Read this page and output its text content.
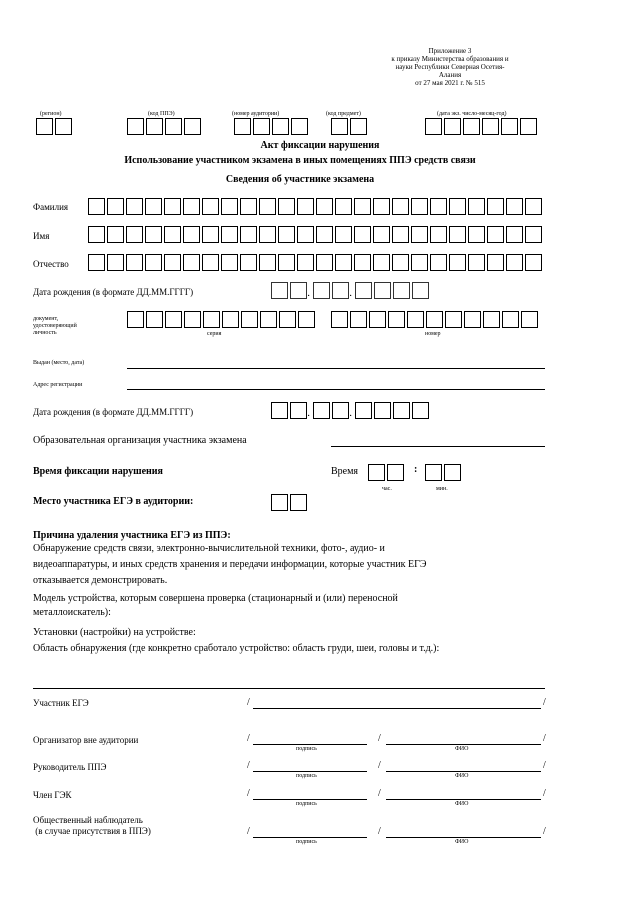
Приложение 3
к приказу Министерства образования и
науки Республики Северная Осетия-
Алания
от 27 мая 2021 г. № 515
(регион)	(код ППЭ)	(номер аудитории)	(код предмет)	(дата экз. число-месяц-год)
Акт фиксации нарушения
Использование участником экзамена в иных помещениях ППЭ средств связи
Сведения об участнике экзамена
Фамилия
Имя
Отчество
Дата рождения (в формате ДД.ММ.ГГГГ)
.
.
документ,
удостоверяющий
личность	серия	номер
Выдан (место, дата)
Адрес регистрации
Дата рождения (в формате ДД.ММ.ГГГГ)
.
.
Образовательная организация участника экзамена
Время фиксации нарушения	Время	:
час.	мин.
Место участника ЕГЭ в аудитории:
Причина удаления участника ЕГЭ из ППЭ:
Обнаружение средств связи, электронно-вычислительной техники, фото-, аудио- и
видеоаппаратуры, и иных средств хранения и передачи информации, которые участник ЕГЭ
отказывается демонстрировать.
Модель устройства, которым совершена проверка (стационарный и (или) переносной
металлоискатель):
Установки (настройки) на устройстве:
Область обнаружения (где конкретно сработало устройство: область груди, шеи, головы и т.д.):
Участник ЕГЭ	/	/
Организатор вне аудитории	/
подпись
/
ФИО
/
Руководитель ППЭ	/
подпись
/
ФИО
/
Член ГЭК	/
подпись
/
ФИО
/
Общественный наблюдатель
(в случае присутствия в ППЭ)	/
подпись
/
ФИО
/
